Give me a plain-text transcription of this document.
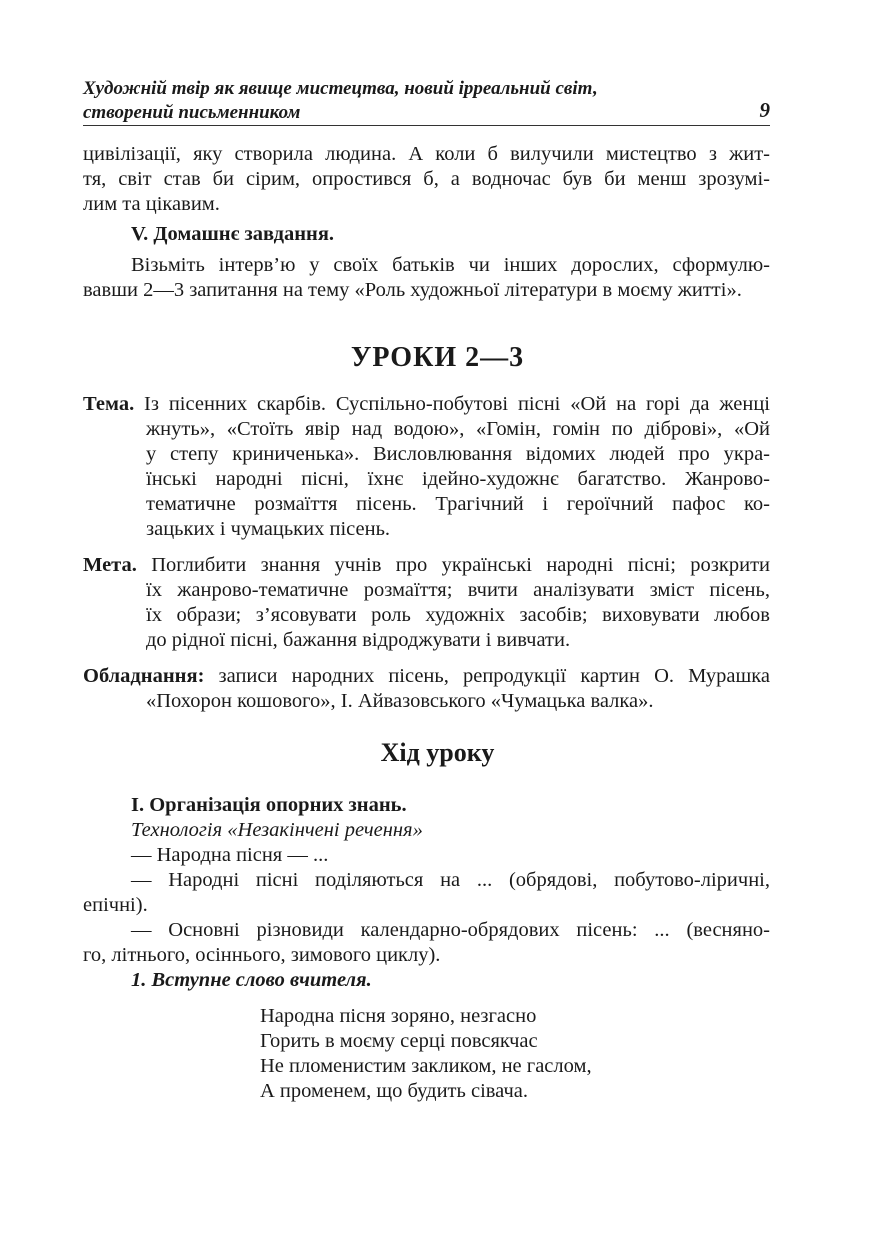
Художній твір як явище мистецтва, новий ірреальний світ,
створений письменником	9
цивілізації, яку створила людина. А коли б вилучили мистецтво з жит-
тя, світ став би сірим, опростився б, а водночас був би менш зрозумі-
лим та цікавим.
V. Домашнє завдання.
Візьміть інтерв’ю у своїх батьків чи інших дорослих, сформулю-
вавши 2—3 запитання на тему «Роль художньої літератури в моєму житті».
УРОКИ 2—3
Тема. Із пісенних скарбів. Суспільно-побутові пісні «Ой на горі да женці
жнуть», «Стоїть явір над водою», «Гомін, гомін по діброві», «Ой
у степу криниченька». Висловлювання відомих людей про укра-
їнські народні пісні, їхнє ідейно-художнє багатство. Жанрово-
тематичне розмаїття пісень. Трагічний і героїчний пафос ко-
зацьких і чумацьких пісень.
Мета. Поглибити знання учнів про українські народні пісні; розкрити
їх жанрово-тематичне розмаїття; вчити аналізувати зміст пісень,
їх образи; з’ясовувати роль художніх засобів; виховувати любов
до рідної пісні, бажання відроджувати і вивчати.
Обладнання: записи народних пісень, репродукції картин О. Мурашка
«Похорон кошового», І. Айвазовського «Чумацька валка».
Хід уроку
І. Організація опорних знань.
Технологія «Незакінчені речення»
— Народна пісня — ...
— Народні пісні поділяються на ... (обрядові, побутово-ліричні,
епічні).
— Основні різновиди календарно-обрядових пісень: ... (весняно-
го, літнього, осіннього, зимового циклу).
1. Вступне слово вчителя.
Народна пісня зоряно, незгасно
Горить в моєму серці повсякчас
Не пломенистим закликом, не гаслом,
А променем, що будить сівача.
